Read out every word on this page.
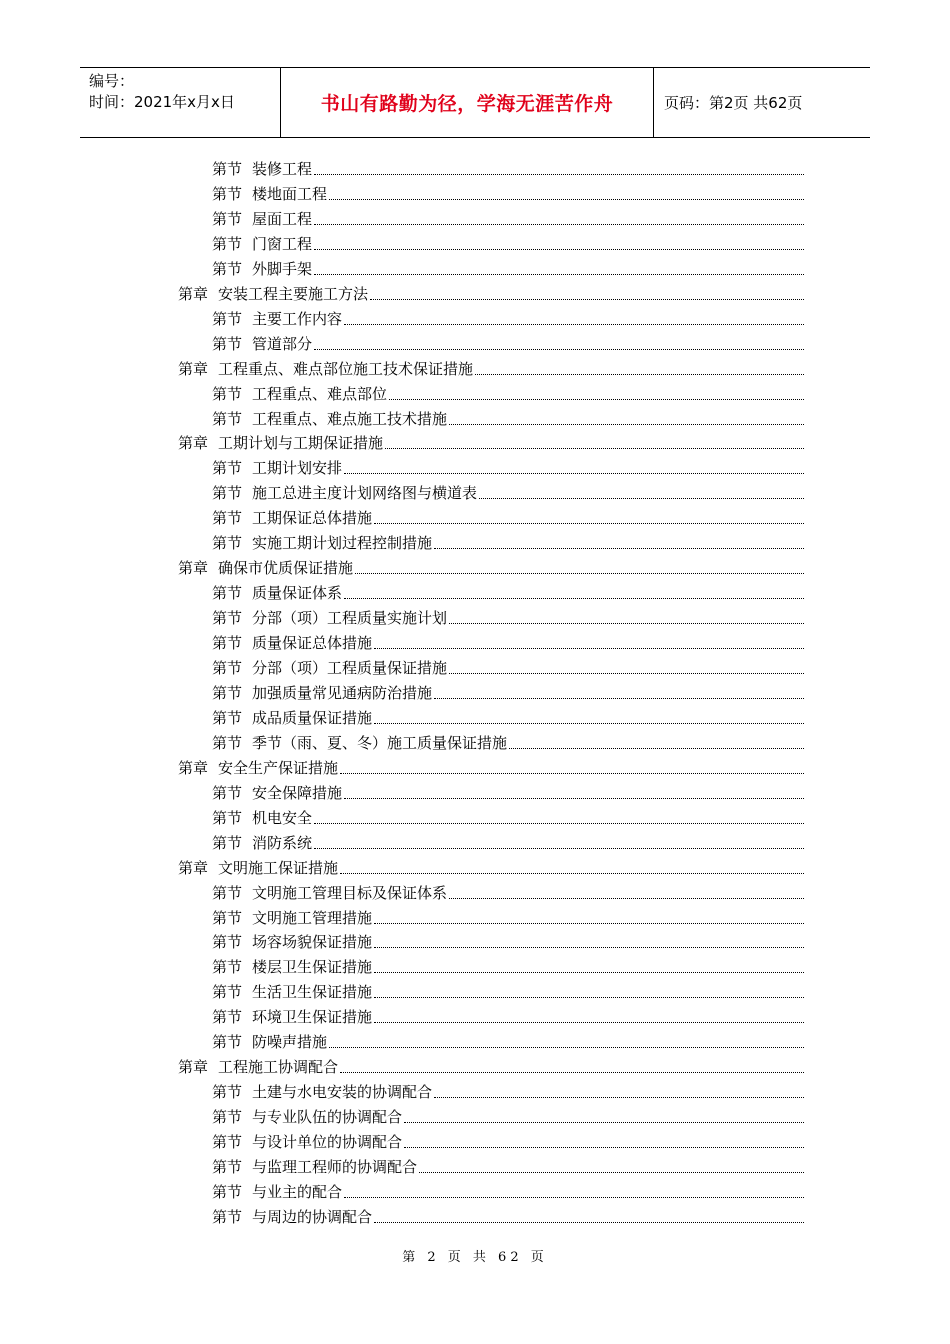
编号：
时间：2021年x月x日	书山有路勤为径，学海无涯苦作舟	页码：第2页 共62页
第节 装修工程
第节 楼地面工程
第节 屋面工程
第节 门窗工程
第节 外脚手架
第章 安装工程主要施工方法
第节 主要工作内容
第节 管道部分
第章 工程重点、难点部位施工技术保证措施
第节 工程重点、难点部位
第节 工程重点、难点施工技术措施
第章 工期计划与工期保证措施
第节 工期计划安排
第节 施工总进主度计划网络图与横道表
第节 工期保证总体措施
第节 实施工期计划过程控制措施
第章 确保市优质保证措施
第节 质量保证体系
第节 分部（项）工程质量实施计划
第节 质量保证总体措施
第节 分部（项）工程质量保证措施
第节 加强质量常见通病防治措施
第节 成品质量保证措施
第节 季节（雨、夏、冬）施工质量保证措施
第章 安全生产保证措施
第节 安全保障措施
第节 机电安全
第节 消防系统
第章 文明施工保证措施
第节 文明施工管理目标及保证体系
第节 文明施工管理措施
第节 场容场貌保证措施
第节 楼层卫生保证措施
第节 生活卫生保证措施
第节 环境卫生保证措施
第节 防噪声措施
第章 工程施工协调配合
第节 土建与水电安装的协调配合
第节 与专业队伍的协调配合
第节 与设计单位的协调配合
第节 与监理工程师的协调配合
第节 与业主的配合
第节 与周边的协调配合
第 2 页 共 62 页
